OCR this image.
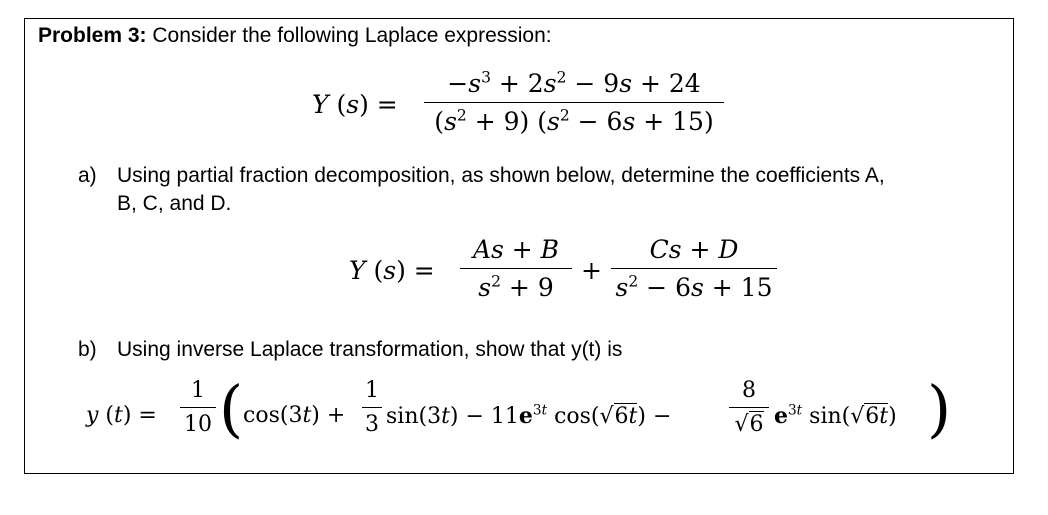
Problem 3: Consider the following Laplace expression:
Y (s) =
$-s^3 + 2s^2 - 9s + 24$
$(s^2 + 9) (s^2 - 6s + 15)$
a) Using partial fraction decomposition, as shown below, determine the coefficients A,
B, C, and D.
Y (s) =
As + B
$s^2 + 9$
+
Cs + D
$s^2 - 6s + 15$
b) Using inverse Laplace transformation, show that y(t) is
y (t) =
1
10 ( cos(3t) +
1
3 $\sin(3t) - 11e^{3t}$ cos(√6t) −
8
√6 $e^{3t}$ sin(√6t) )
